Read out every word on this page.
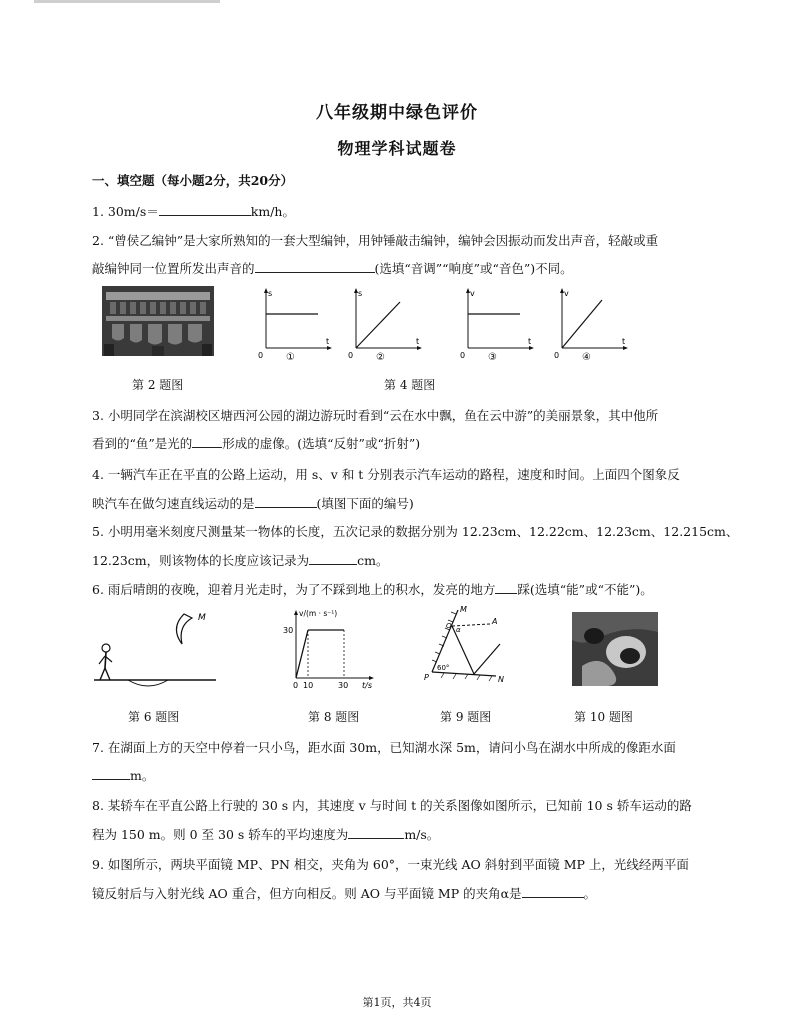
八年级期中绿色评价
物理学科试题卷
一、填空题（每小题2分，共20分）
1. 30m/s＝	km/h。
2. “曾侯乙编钟”是大家所熟知的一套大型编钟，用钟锤敲击编钟，编钟会因振动而发出声音，轻敲或重
敲编钟同一位置所发出声音的	(选填“音调”“响度”或“音色”)不同。
s
t
0 ①
s
t
0 ②
v
t
0 ③
v
t
0 ④
第 2 题图	第 4 题图
3. 小明同学在滨湖校区塘西河公园的湖边游玩时看到“云在水中飘，鱼在云中游”的美丽景象，其中他所
看到的“鱼”是光的 形成的虚像。(选填“反射”或“折射”)
4. 一辆汽车正在平直的公路上运动，用 s、v 和 t 分别表示汽车运动的路程，速度和时间。上面四个图象反
映汽车在做匀速直线运动的是	(填图下面的编号)
5. 小明用毫米刻度尺测量某一物体的长度，五次记录的数据分别为 12.23cm、12.22cm、12.23cm、12.215cm、
12.23cm，则该物体的长度应该记录为	cm。
6. 雨后晴朗的夜晚，迎着月光走时，为了不踩到地上的积水，发亮的地方 踩(选填“能”或“不能”)。
M	v/(m · s⁻¹)
30
0 10	30 t/s
M
A
α
O
60°
P	N
第 6 题图	第 8 题图	第 9 题图	第 10 题图
7. 在湖面上方的天空中停着一只小鸟，距水面 30m，已知湖水深 5m，请问小鸟在湖水中所成的像距水面
m。
8. 某轿车在平直公路上行驶的 30 s 内，其速度 v 与时间 t 的关系图像如图所示，已知前 10 s 轿车运动的路
程为 150 m。则 0 至 30 s 轿车的平均速度为	m/s。
9. 如图所示，两块平面镜 MP、PN 相交，夹角为 60°，一束光线 AO 斜射到平面镜 MP 上，光线经两平面
镜反射后与入射光线 AO 重合，但方向相反。则 AO 与平面镜 MP 的夹角α是	。
第1页，共4页
